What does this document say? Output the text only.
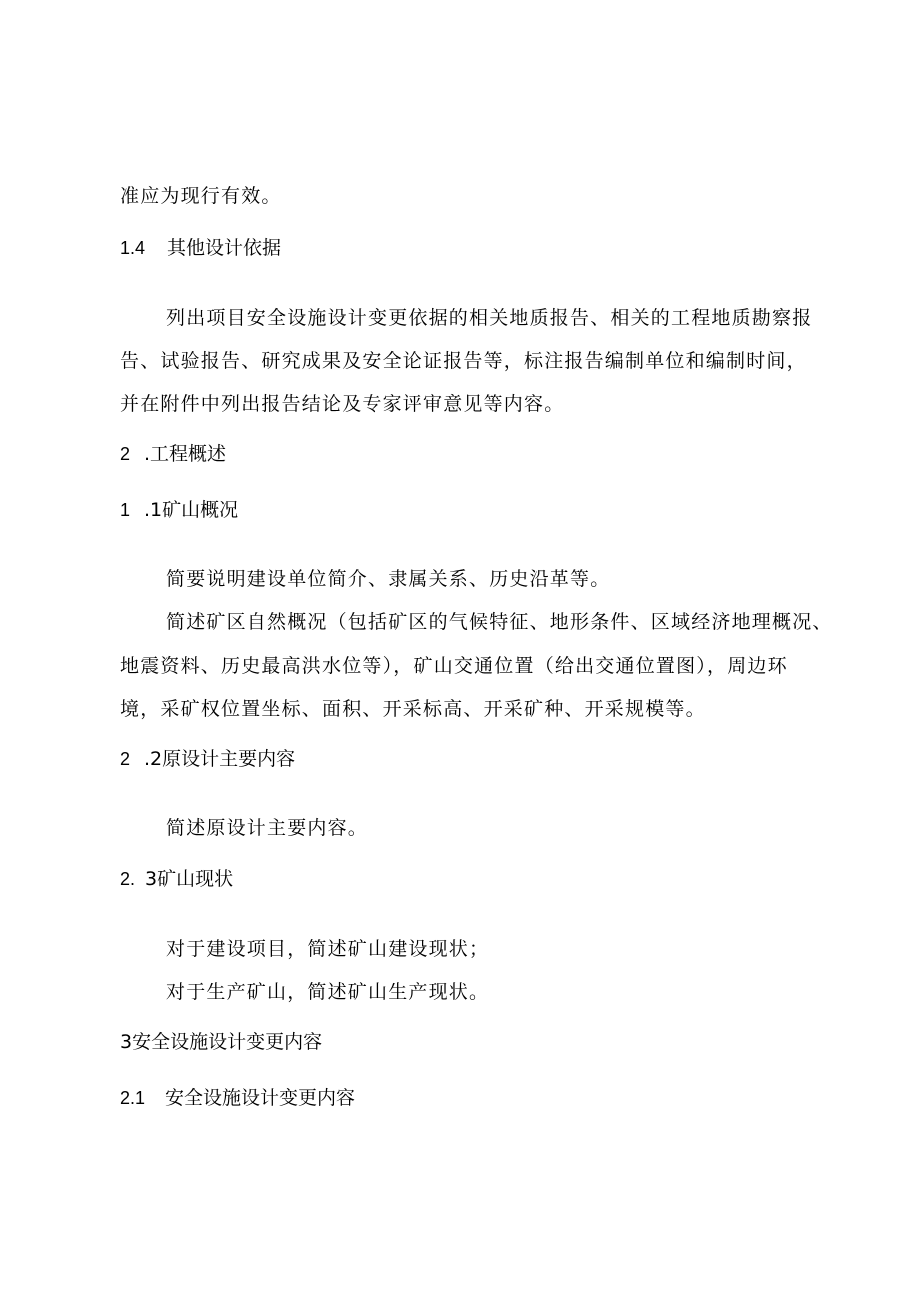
准应为现行有效。
1.4 其他设计依据
列出项目安全设施设计变更依据的相关地质报告、相关的工程地质勘察报
告、试验报告、研究成果及安全论证报告等，标注报告编制单位和编制时间，
并在附件中列出报告结论及专家评审意见等内容。
2 .工程概述
1 .1矿山概况
简要说明建设单位简介、隶属关系、历史沿革等。
简述矿区自然概况（包括矿区的气候特征、地形条件、区域经济地理概况、
地震资料、历史最高洪水位等），矿山交通位置（给出交通位置图），周边环
境，采矿权位置坐标、面积、开采标高、开采矿种、开采规模等。
2 .2原设计主要内容
简述原设计主要内容。
2. 3矿山现状
对于建设项目，简述矿山建设现状；
对于生产矿山，简述矿山生产现状。
3安全设施设计变更内容
2.1 安全设施设计变更内容
